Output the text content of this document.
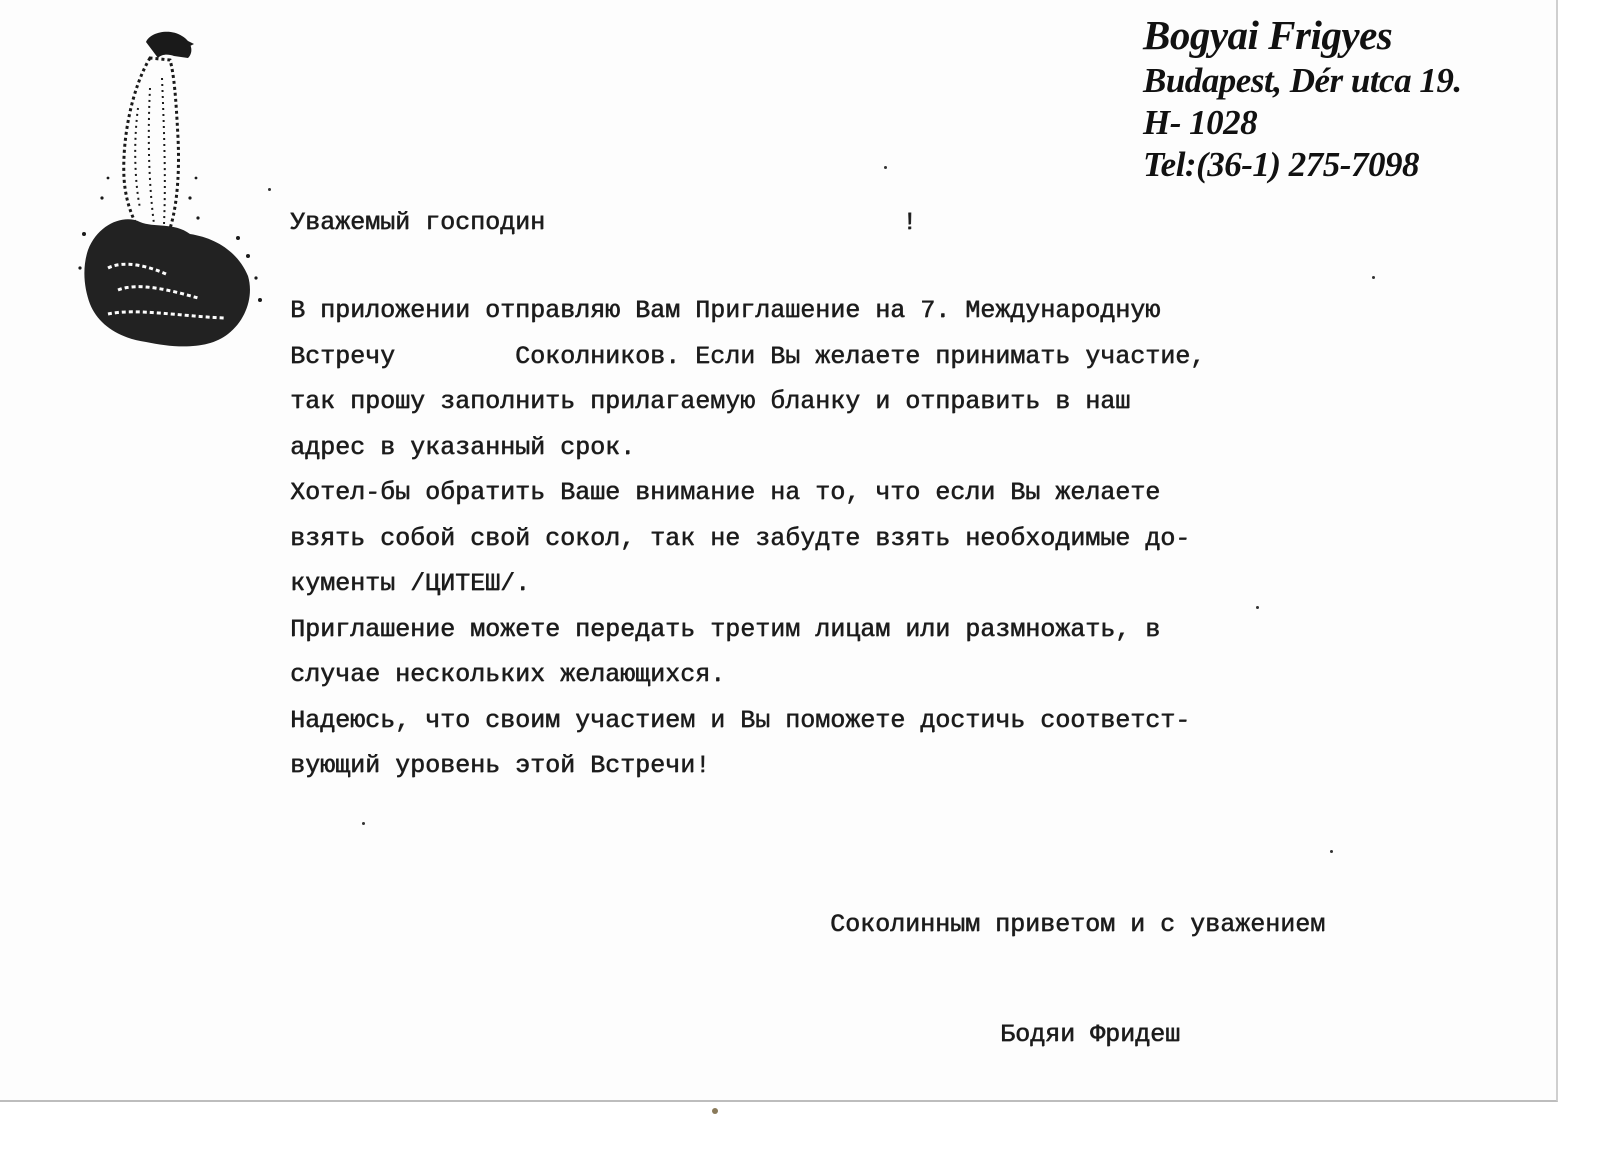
Bogyai Frigyes
Budapest, Dér utca 19.
H- 1028
Tel:(36-1) 275-7098
Уважемый господин	!
В приложении отправляю Вам Приглашение на 7. Международную
Встречу        Соколников. Если Вы желаете принимать участие,
так прошу заполнить прилагаемую бланку и отправить в наш
адрес в указанный срок.
Хотел-бы обратить Ваше внимание на то, что если Вы желаете
взять собой свой сокол, так не забудте взять необходимые до-
кументы /ЦИТЕШ/.
Приглашение можете передать третим лицам или размножать, в
случае нескольких желающихся.
Надеюсь, что своим участием и Вы поможете достичь соответст-
вующий уровень этой Встречи!
Соколинным приветом и с уважением
Бодяи Фридеш
